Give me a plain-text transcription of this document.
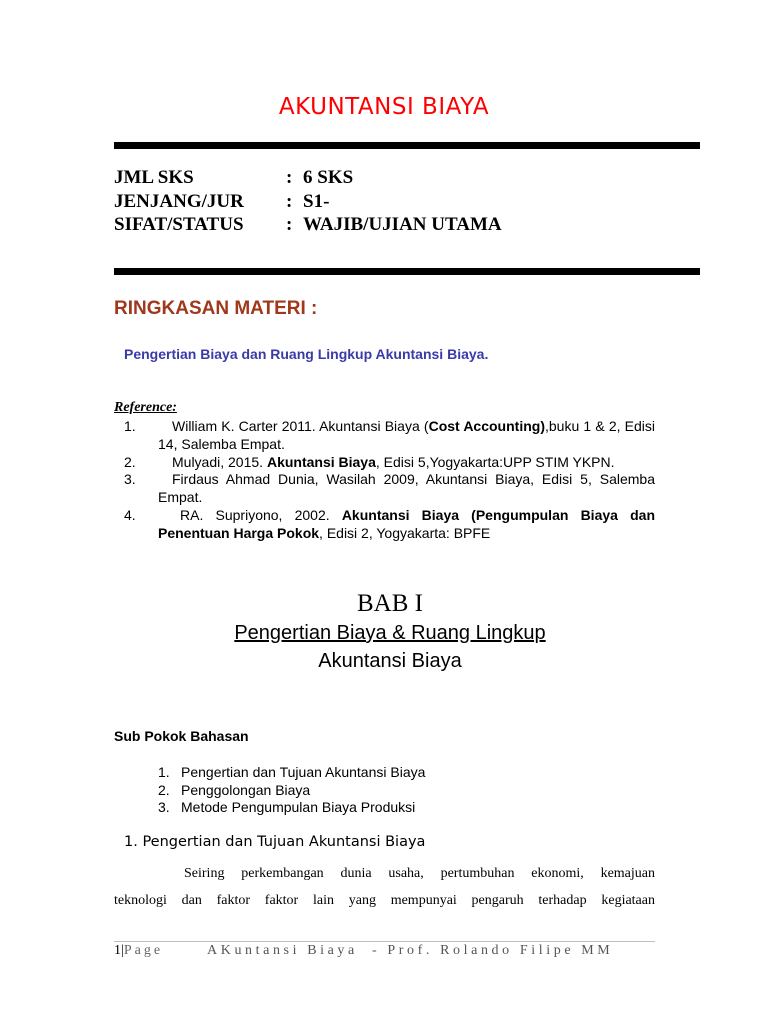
AKUNTANSI BIAYA
JML SKS	: 6 SKS
JENJANG/JUR	: S1-
SIFAT/STATUS	: WAJIB/UJIAN UTAMA
RINGKASAN MATERI :
Pengertian Biaya dan Ruang Lingkup Akuntansi Biaya.
Reference:
1.	William K. Carter 2011. Akuntansi Biaya (Cost Accounting),buku 1 & 2, Edisi 14, Salemba Empat.
2.	Mulyadi, 2015. Akuntansi Biaya, Edisi 5,Yogyakarta:UPP STIM YKPN.
3.	Firdaus Ahmad Dunia, Wasilah 2009, Akuntansi Biaya, Edisi 5, Salemba Empat.
4.	RA. Supriyono, 2002. Akuntansi Biaya (Pengumpulan Biaya dan Penentuan Harga Pokok, Edisi 2, Yogyakarta: BPFE
BAB I
Pengertian Biaya & Ruang Lingkup
Akuntansi Biaya
Sub Pokok Bahasan
1. Pengertian dan Tujuan Akuntansi Biaya
2. Penggolongan Biaya
3. Metode Pengumpulan Biaya Produksi
1. Pengertian dan Tujuan Akuntansi Biaya
Seiring perkembangan dunia usaha, pertumbuhan ekonomi, kemajuan
teknologi dan faktor faktor lain yang mempunyai pengaruh terhadap kegiataan
1 | Page	AKuntansi Biaya  - Prof. Rolando Filipe MM
